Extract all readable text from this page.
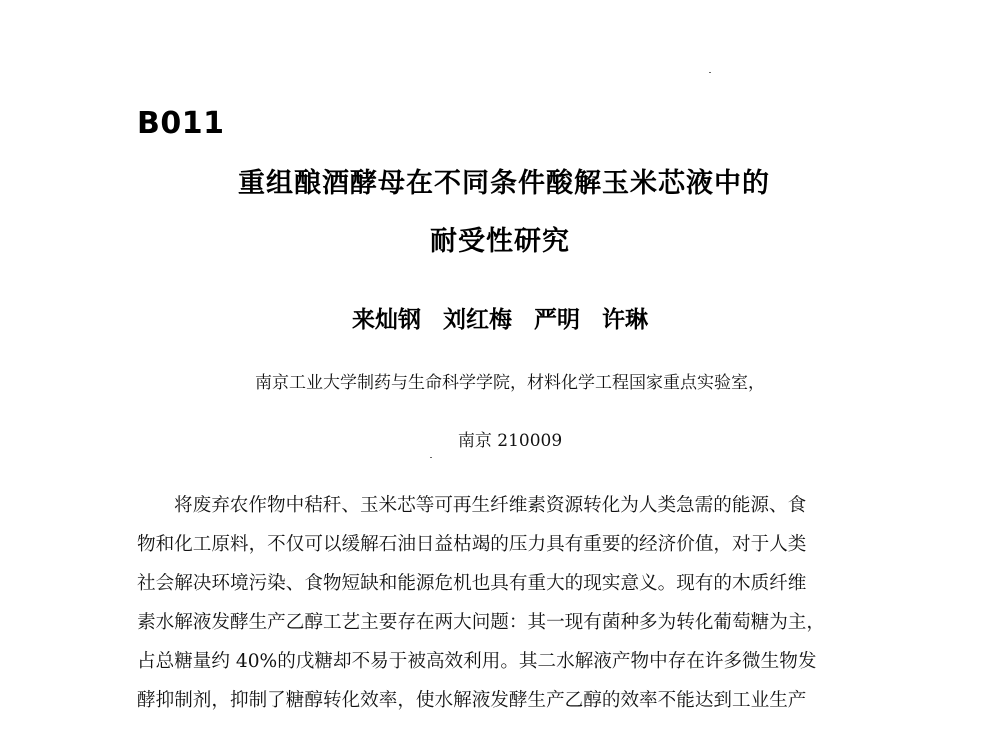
B011
重组酿酒酵母在不同条件酸解玉米芯液中的
耐受性研究
来灿钢 刘红梅 严明 许琳
南京工业大学制药与生命科学学院，材料化学工程国家重点实验室，
南京 210009
将废弃农作物中秸秆、玉米芯等可再生纤维素资源转化为人类急需的能源、食
物和化工原料，不仅可以缓解石油日益枯竭的压力具有重要的经济价值，对于人类
社会解决环境污染、食物短缺和能源危机也具有重大的现实意义。现有的木质纤维
素水解液发酵生产乙醇工艺主要存在两大问题：其一现有菌种多为转化葡萄糖为主，
占总糖量约 40%的戊糖却不易于被高效利用。其二水解液产物中存在许多微生物发
酵抑制剂，抑制了糖醇转化效率，使水解液发酵生产乙醇的效率不能达到工业生产
